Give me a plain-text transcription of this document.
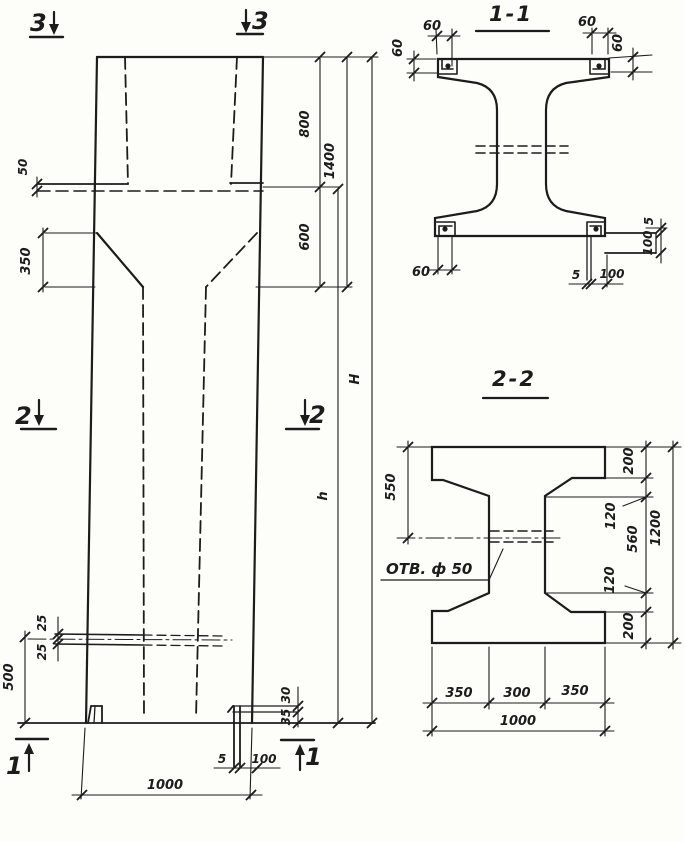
50
350
500
25
25
800
600
1400
h
H
30
35
5 100
1000
3	3
2	2
1	1
1-1
60
60
60
60
60	5 100
5
100
2-2
ОТВ. ф 50
550
200
120
560
120
200
1200
350 300 350
1000
